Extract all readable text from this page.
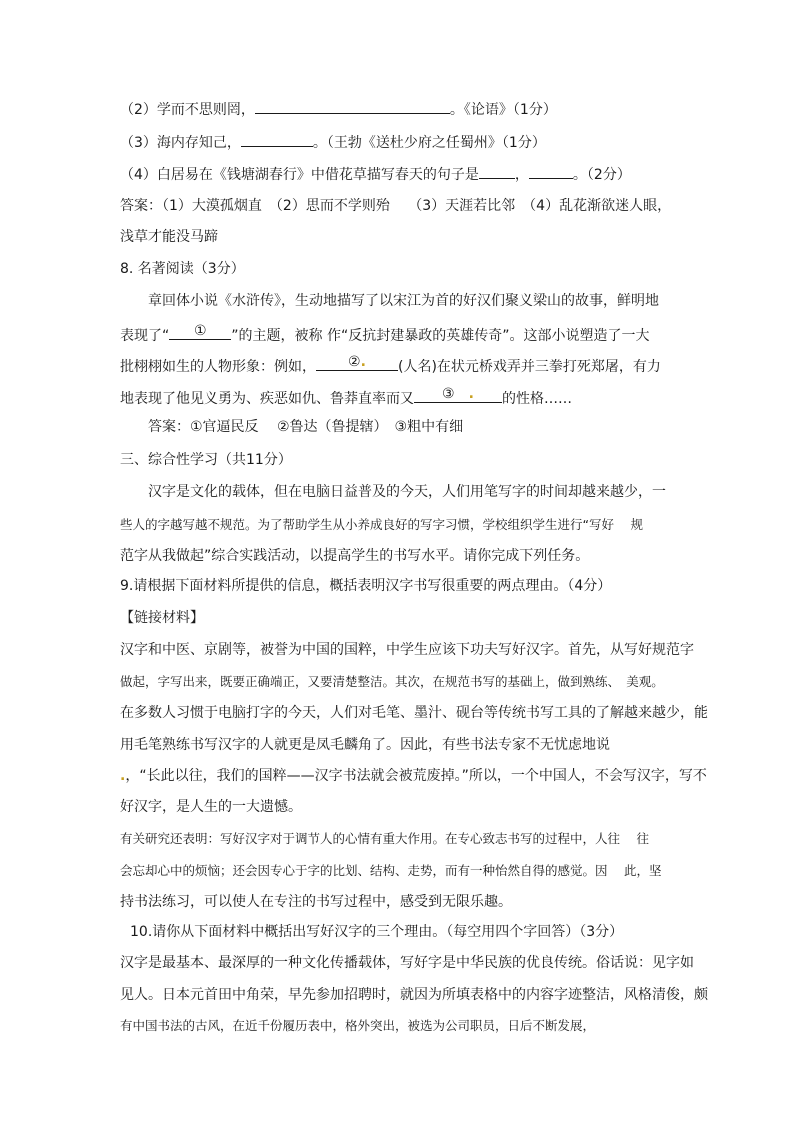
（2）学而不思则罔，	。《论语》（1分）
（3）海内存知己，	。（王勃《送杜少府之任蜀州》（1分）
（4）白居易在《钱塘湖春行》中借花草描写春天的句子是	，	。（2分）
答案：（1）大漠孤烟直　（2）思而不学则殆　 （3）天涯若比邻　（4）乱花渐欲迷人眼，
浅草才能没马蹄
8. 名著阅读（3分）
章回体小说《水浒传》，生动地描写了以宋江为首的好汉们聚义梁山的故事，鲜明地
表现了“	①	”的主题，被称 作“反抗封建暴政的英雄传奇”。这部小说塑造了一大
批栩栩如生的人物形象：例如，	②.	(人名)在状元桥戏弄并三拳打死郑屠，有力
地表现了他见义勇为、疾恶如仇、鲁莽直率而又	③  .	的性格……
答案：①官逼民反　 ②鲁达（鲁提辖）　③粗中有细
三、综合性学习（共11分）
汉字是文化的载体，但在电脑日益普及的今天，人们用笔写字的时间却越来越少，一
些人的字越写越不规范。为了帮助学生从小养成良好的写字习惯，学校组织学生进行“写好　 规
范字从我做起”综合实践活动，以提高学生的书写水平。请你完成下列任务。
9.请根据下面材料所提供的信息，概括表明汉字书写很重要的两点理由。（4分）
【链接材料】
汉字和中医、京剧等，被誉为中国的国粹，中学生应该下功夫写好汉字。首先，从写好规范字
做起，字写出来，既要正确端正，又要清楚整洁。其次，在规范书写的基础上，做到熟练、　美观。
在多数人习惯于电脑打字的今天，人们对毛笔、墨汁、砚台等传统书写工具的了解越来越少，能
用毛笔熟练书写汉字的人就更是凤毛麟角了。因此，有些书法专家不无忧虑地说
.，“长此以往，我们的国粹——汉字书法就会被荒废掉。”所以，一个中国人，不会写汉字，写不
好汉字，是人生的一大遗憾。
有关研究还表明：写好汉字对于调节人的心情有重大作用。在专心致志书写的过程中，人往　 往
会忘却心中的烦恼；还会因专心于字的比划、结构、走势，而有一种怡然自得的感觉。因　 此，坚
持书法练习，可以使人在专注的书写过程中，感受到无限乐趣。
10.请你从下面材料中概括出写好汉字的三个理由。（每空用四个字回答）（3分）
汉字是最基本、最深厚的一种文化传播载体，写好字是中华民族的优良传统。俗话说：见字如
见人。日本元首田中角荣，早先参加招聘时，就因为所填表格中的内容字迹整洁，风格清俊，颇
有中国书法的古风，在近千份履历表中，格外突出，被选为公司职员，日后不断发展，
